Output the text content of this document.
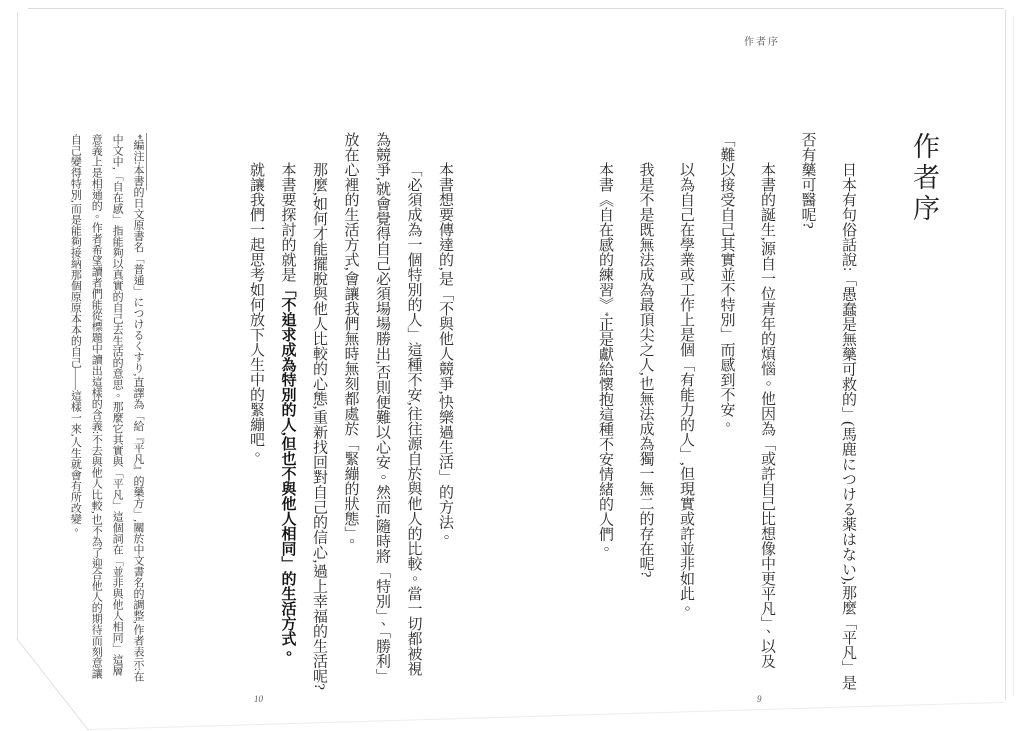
作者序
作者序

日本有句俗話說:「愚蠢是無藥可救的」(馬鹿につける薬はない),那麼「平凡」是否有藥可醫呢?

本書的誕生,源自一位青年的煩惱。他因為「或許自己比想像中更平凡」、以及「難以接受自己其實並不特別」而感到不安。

以為自己在學業或工作上是個「有能力的人」,但現實或許並非如此。

我是不是既無法成為最頂尖之人,也無法成為獨一無二的存在呢?

本書《自在感的練習》*正是獻給懷抱這種不安情緒的人們。

9

本書想要傳達的,是「不與他人競爭,快樂過生活」的方法。

「必須成為一個特別的人」這種不安,往往源自於與他人的比較。當一切都被視為競爭,就會覺得自己必須場場勝出,否則便難以心安。然而,隨時將「特別」、「勝利」放在心裡的生活方式,會讓我們無時無刻都處於「緊繃的狀態」。

那麼,如何才能擺脫與他人比較的心態,重新找回對自己的信心,過上幸福的生活呢?

本書要探討的就是「不追求成為特別的人,但也不與他人相同」的生活方式。

就讓我們一起思考如何放下人生中的緊繃吧。

*編注:本書的日文原書名「普通」につけるくすり,直譯為「給『平凡』的藥方」,關於中文書名的調整,作者表示:在中文中,「自在感」指能夠以真實的自己去生活的意思。那麼它其實與「平凡」這個詞在「並非與他人相同」這層意義上是相通的。作者希望讀者們能從標題中讀出這樣的含義:不去與他人比較,也不為了迎合他人的期待而刻意讓自己變得特別,而是能夠接納那個原原本本的自己——這樣一來,人生就會有所改變。

10
